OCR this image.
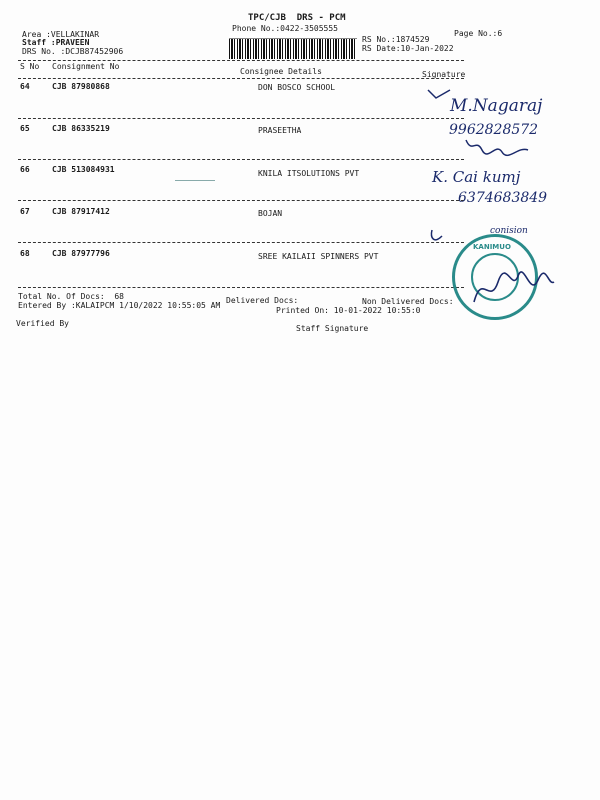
TPC/CJB  DRS - PCM
Phone No.:0422-3505555
Page No.:6
Area :VELLAKINAR
Staff :PRAVEEN
DRS No. :DCJB87452906
RS No.:1874529
RS Date:10-Jan-2022
S No Consignment No
Consignee Details	Signature
64	CJB 87980868	DON BOSCO SCHOOL
65	CJB 86335219	PRASEETHA
66	CJB 513084931	KNILA ITSOLUTIONS PVT
67	CJB 87917412	BOJAN
68	CJB 87977796	SREE KAILAII SPINNERS PVT
M.Nagaraj
9962828572
K. Cai kumj
6374683849
conision
KANIMUO
Total No. Of Docs:  68	Delivered Docs:	Non Delivered Docs:
Entered By :KALAIPCM 1/10/2022 10:55:05 AM
Printed On: 10-01-2022 10:55:0
Verified By
Staff Signature
